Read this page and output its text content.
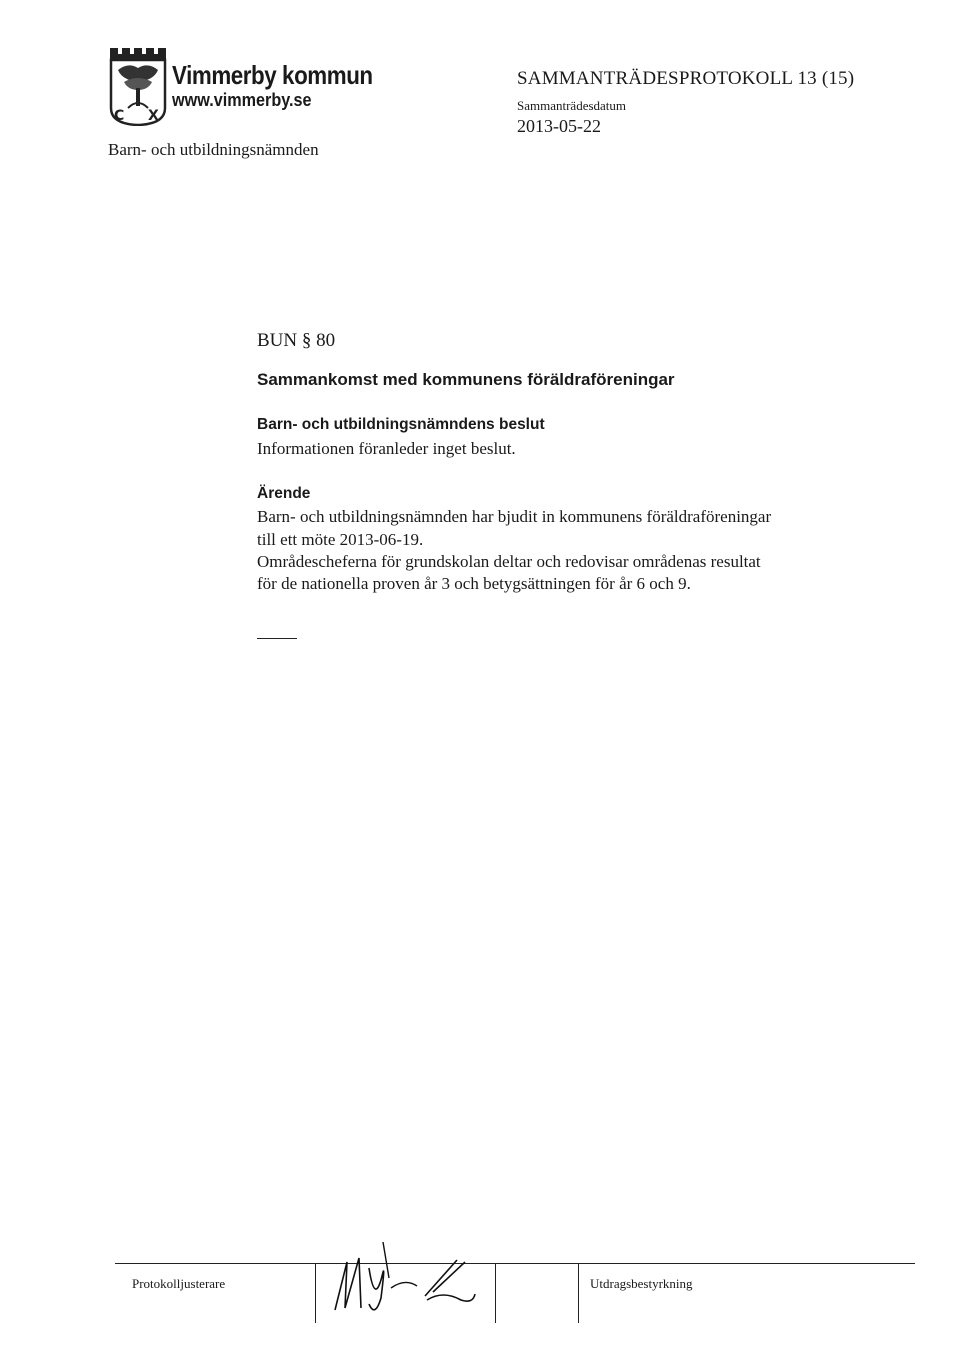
C X
Vimmerby kommun
www.vimmerby.se
Barn- och utbildningsnämnden
SAMMANTRÄDESPROTOKOLL 13 (15)
Sammanträdesdatum
2013-05-22
BUN § 80
Sammankomst med kommunens föräldraföreningar
Barn- och utbildningsnämndens beslut
Informationen föranleder inget beslut.
Ärende
Barn- och utbildningsnämnden har bjudit in kommunens föräldraföreningar
till ett möte 2013-06-19.
Områdescheferna för grundskolan deltar och redovisar områdenas resultat
för de nationella proven år 3 och betygsättningen för år 6 och 9.
Protokolljusterare	Utdragsbestyrkning
